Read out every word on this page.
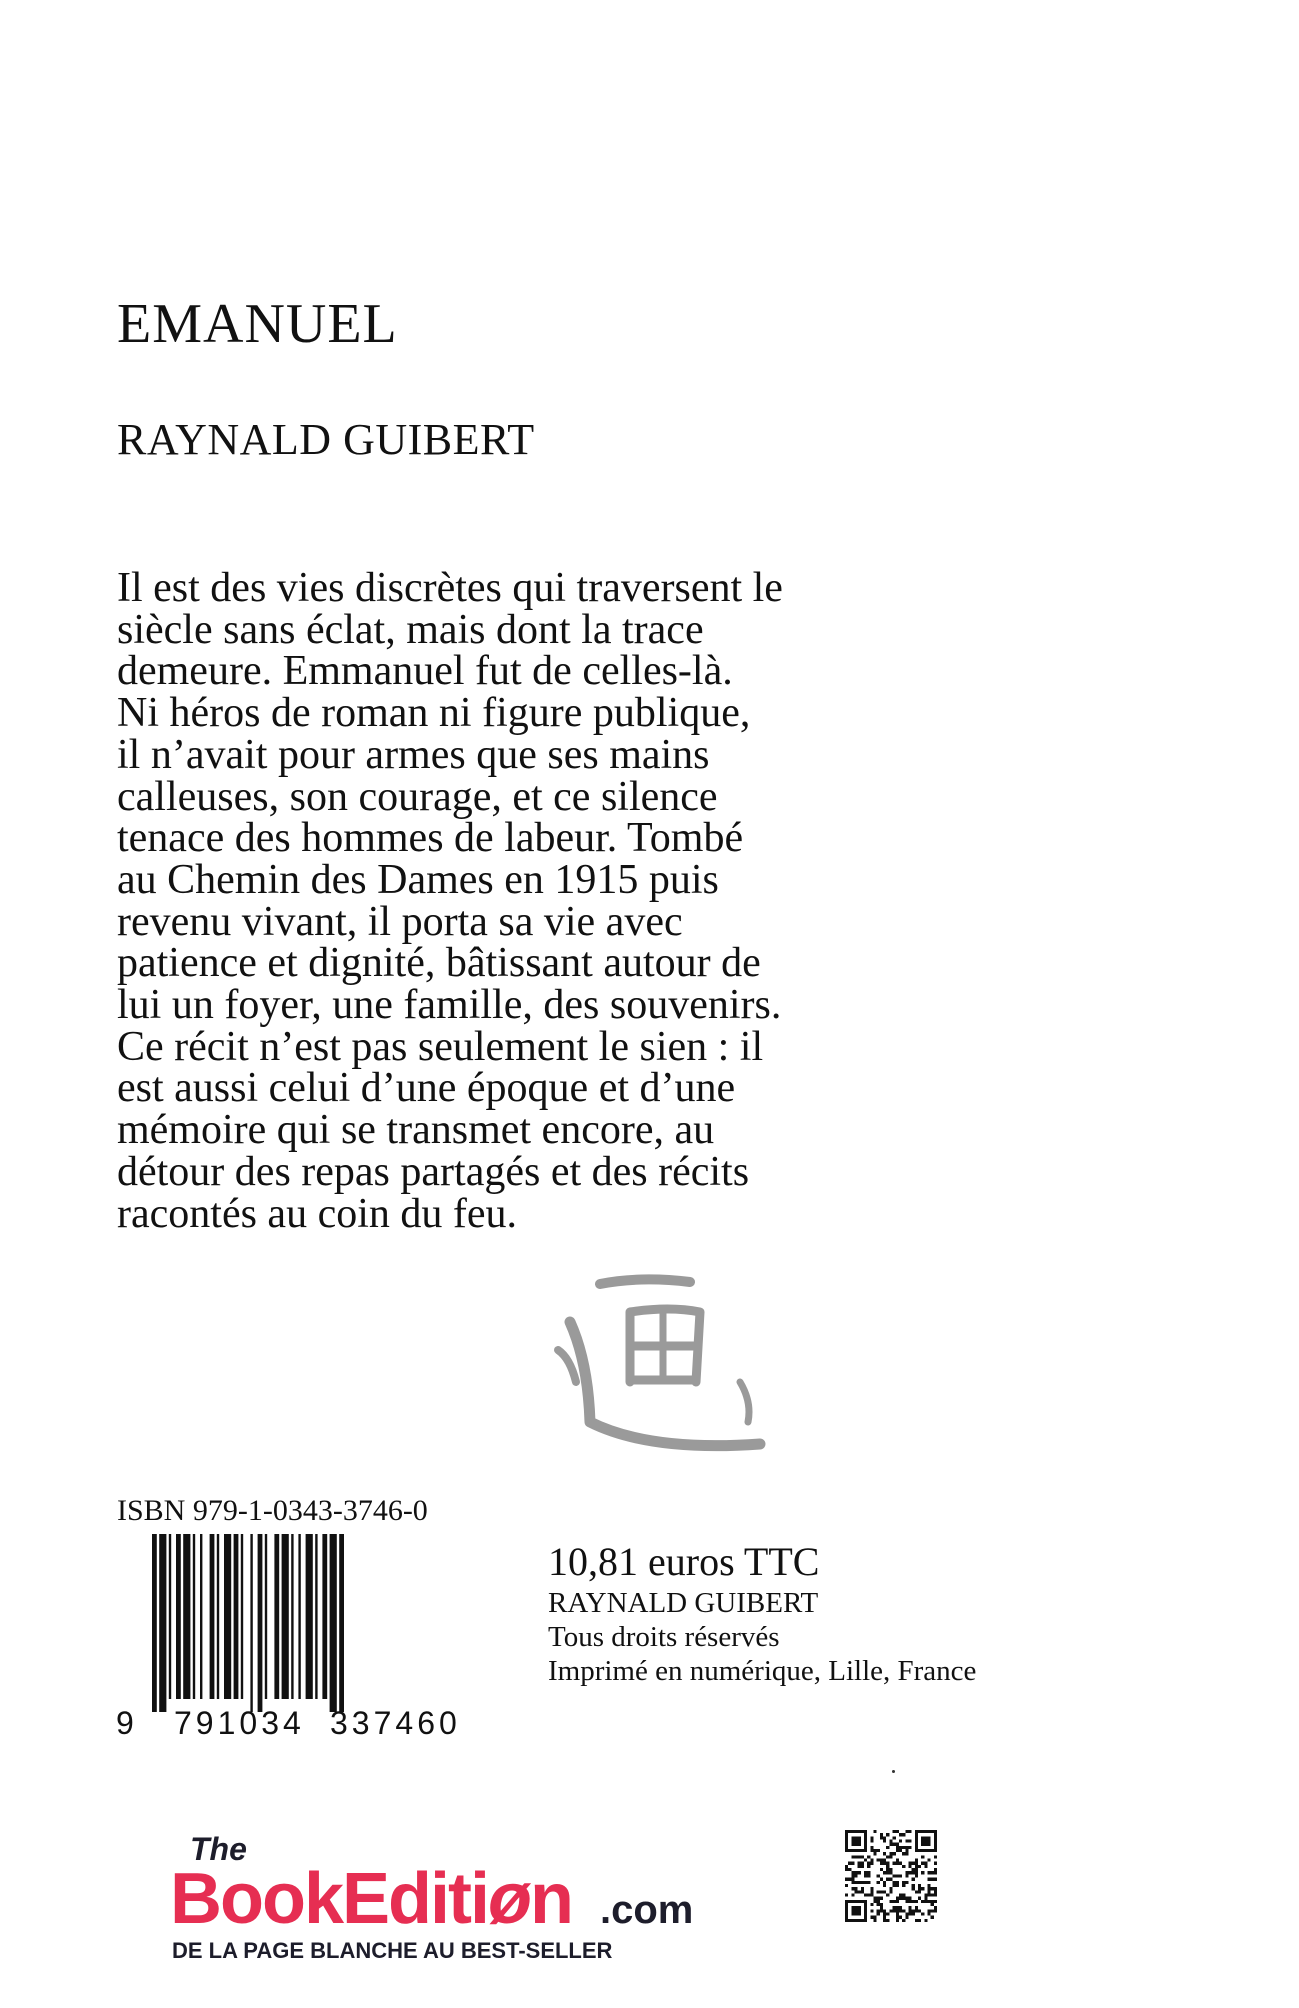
EMANUEL
RAYNALD GUIBERT
Il est des vies discrètes qui traversent le
siècle sans éclat, mais dont la trace
demeure. Emmanuel fut de celles-là.
Ni héros de roman ni figure publique,
il n’avait pour armes que ses mains
calleuses, son courage, et ce silence
tenace des hommes de labeur. Tombé
au Chemin des Dames en 1915 puis
revenu vivant, il porta sa vie avec
patience et dignité, bâtissant autour de
lui un foyer, une famille, des souvenirs.
Ce récit n’est pas seulement le sien : il
est aussi celui d’une époque et d’une
mémoire qui se transmet encore, au
détour des repas partagés et des récits
racontés au coin du feu.
ISBN 979-1-0343-3746-0
9 791034 337460
10,81 euros TTC
RAYNALD GUIBERT
Tous droits réservés
Imprimé en numérique, Lille, France
The
BookEditiøn .com
DE LA PAGE BLANCHE AU BEST-SELLER
